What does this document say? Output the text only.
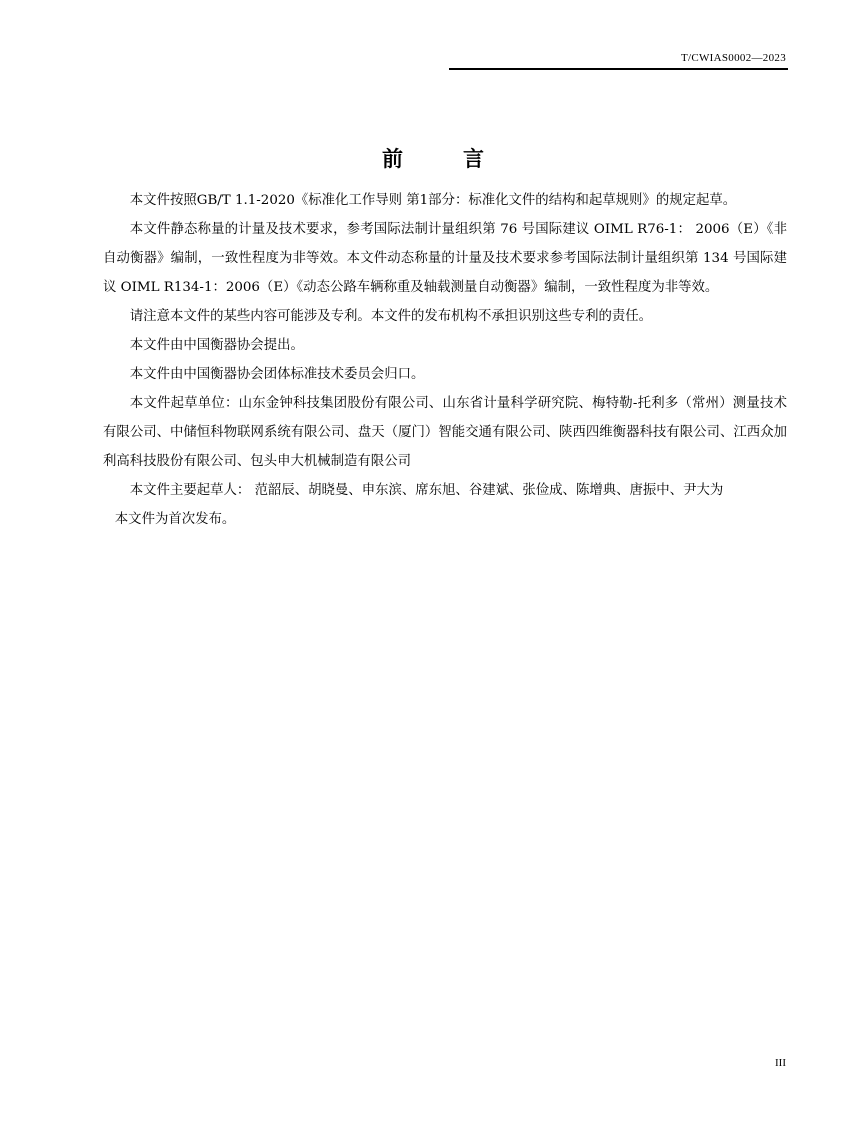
T/CWIAS0002—2023
前言

本文件按照GB/T 1.1-2020《标准化工作导则 第1部分：标准化文件的结构和起草规则》的规定起草。

本文件静态称量的计量及技术要求，参考国际法制计量组织第 76 号国际建议 OIML R76-1： 2006（E）《非自动衡器》编制，一致性程度为非等效。本文件动态称量的计量及技术要求参考国际法制计量组织第 134 号国际建议 OIML R134-1：2006（E）《动态公路车辆称重及轴载测量自动衡器》编制，一致性程度为非等效。

请注意本文件的某些内容可能涉及专利。本文件的发布机构不承担识别这些专利的责任。

本文件由中国衡器协会提出。

本文件由中国衡器协会团体标准技术委员会归口。

本文件起草单位：山东金钟科技集团股份有限公司、山东省计量科学研究院、梅特勒-托利多（常州）测量技术有限公司、中储恒科物联网系统有限公司、盘天（厦门）智能交通有限公司、陕西四维衡器科技有限公司、江西众加利高科技股份有限公司、包头申大机械制造有限公司

本文件主要起草人： 范韶辰、胡晓曼、申东滨、席东旭、谷建斌、张俭成、陈增典、唐振中、尹大为

本文件为首次发布。

III
